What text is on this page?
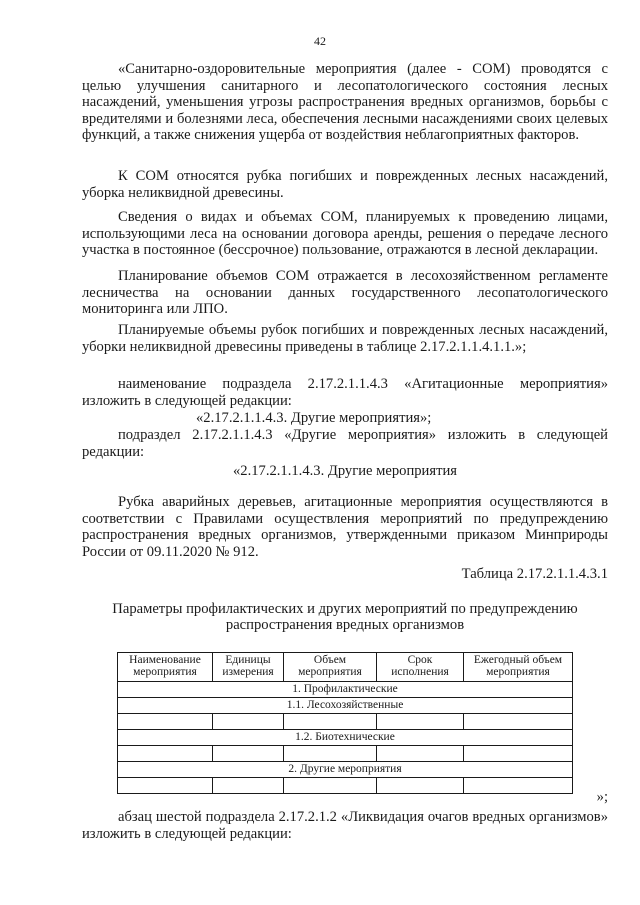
42
«Санитарно-оздоровительные мероприятия (далее - СОМ) проводятся с целью улучшения санитарного и лесопатологического состояния лесных насаждений, уменьшения угрозы распространения вредных организмов, борьбы с вредителями и болезнями леса, обеспечения лесными насаждениями своих целевых функций, а также снижения ущерба от воздействия неблагоприятных факторов.
К СОМ относятся рубка погибших и поврежденных лесных насаждений, уборка неликвидной древесины.
Сведения о видах и объемах СОМ, планируемых к проведению лицами, использующими леса на основании договора аренды, решения о передаче лесного участка в постоянное (бессрочное) пользование, отражаются в лесной декларации.
Планирование объемов СОМ отражается в лесохозяйственном регламенте лесничества на основании данных государственного лесопатологического мониторинга или ЛПО.
Планируемые объемы рубок погибших и поврежденных лесных насаждений, уборки неликвидной древесины приведены в таблице 2.17.2.1.1.4.1.1.»;
наименование подраздела 2.17.2.1.1.4.3 «Агитационные мероприятия» изложить в следующей редакции:
«2.17.2.1.1.4.3. Другие мероприятия»;
подраздел 2.17.2.1.1.4.3 «Другие мероприятия» изложить в следующей редакции:
«2.17.2.1.1.4.3. Другие мероприятия
Рубка аварийных деревьев, агитационные мероприятия осуществляются в соответствии с Правилами осуществления мероприятий по предупреждению распространения вредных организмов, утвержденными приказом Минприроды России от 09.11.2020 № 912.
Таблица 2.17.2.1.1.4.3.1
Параметры профилактических и других мероприятий по предупреждению
распространения вредных организмов
Наименование мероприятия	Единицы измерения	Объем мероприятия	Срок исполнения	Ежегодный объем мероприятия
1. Профилактические				
1.1. Лесохозяйственные				

1.2. Биотехнические				

2. Другие мероприятия				

»;
абзац шестой подраздела 2.17.2.1.2 «Ликвидация очагов вредных организмов» изложить в следующей редакции:
